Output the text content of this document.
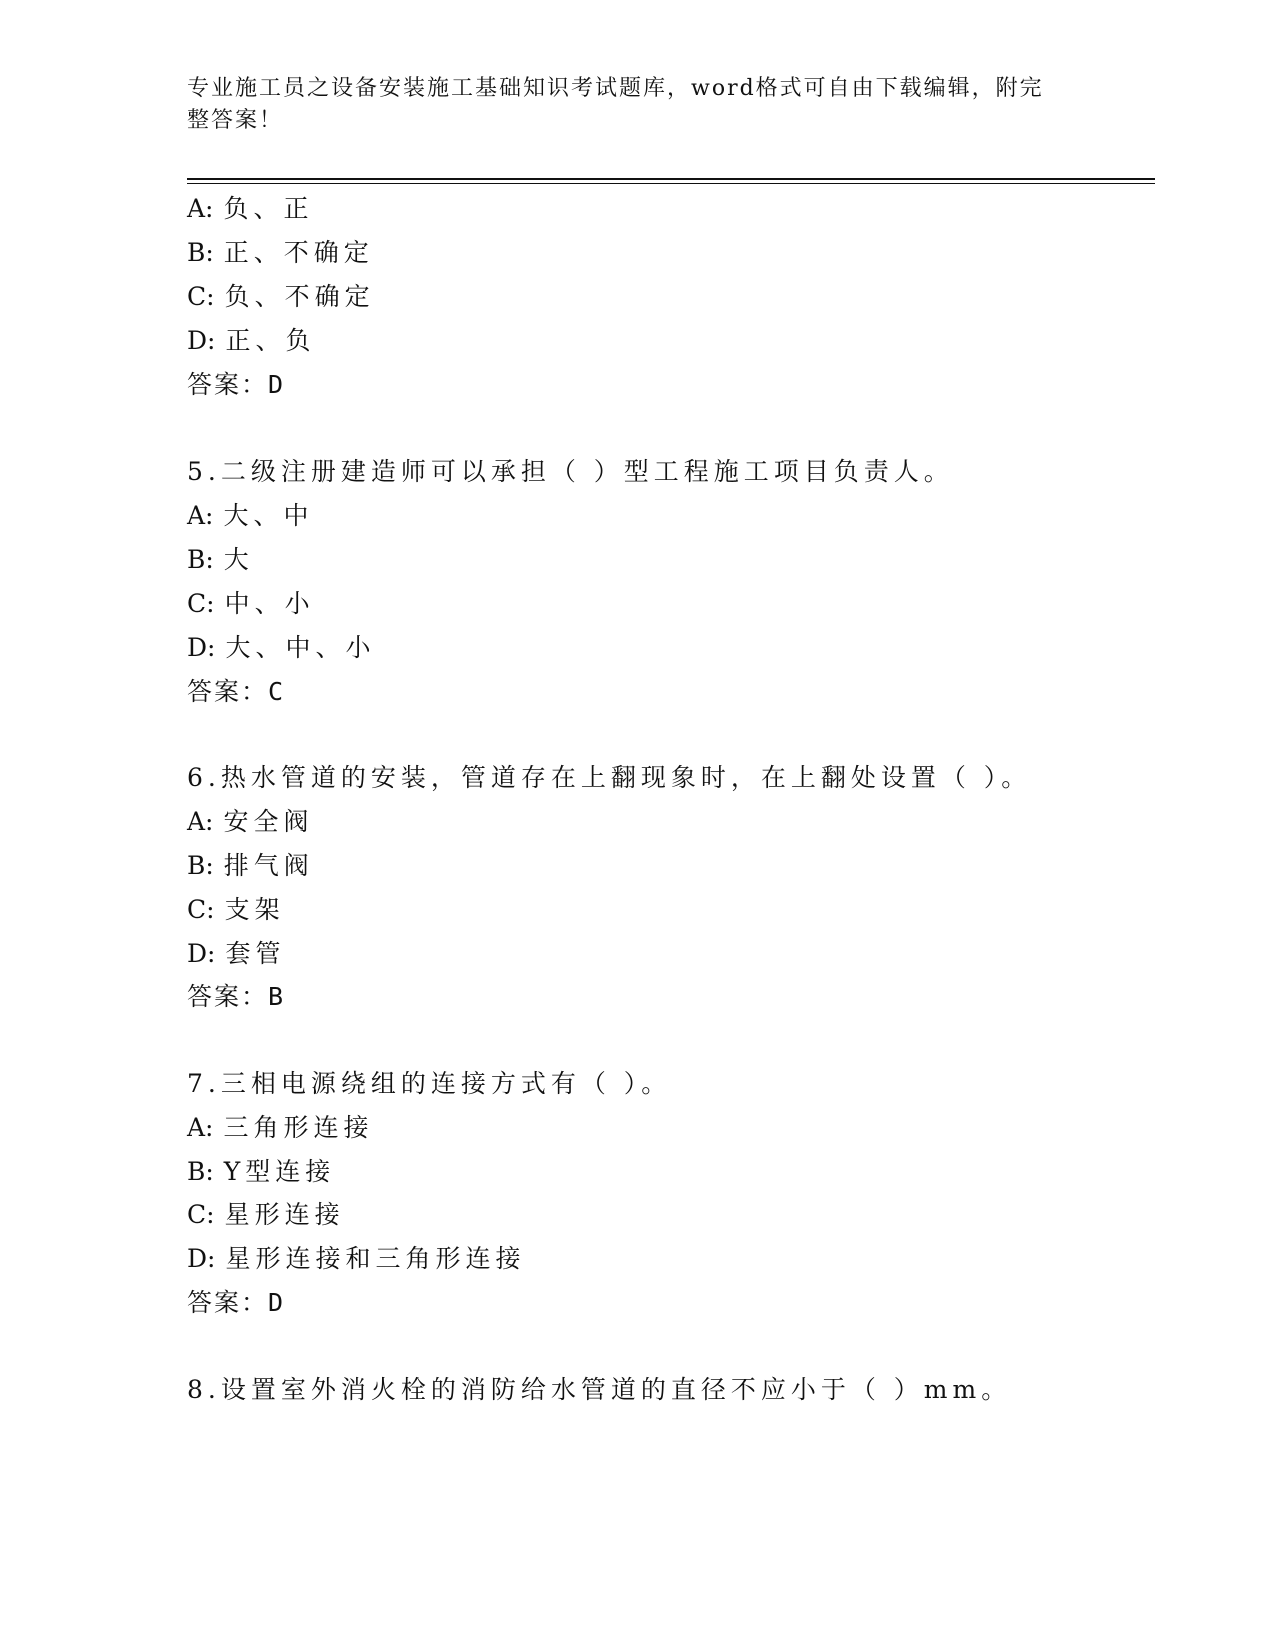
专业施工员之设备安装施工基础知识考试题库，word格式可自由下载编辑，附完整答案！
A: 负、正
B: 正、不确定
C: 负、不确定
D: 正、负
答案：D
5.二级注册建造师可以承担（ ）型工程施工项目负责人。
A: 大、中
B: 大
C: 中、小
D: 大、中、小
答案：C
6.热水管道的安装，管道存在上翻现象时，在上翻处设置（ ）。
A: 安全阀
B: 排气阀
C: 支架
D: 套管
答案：B
7.三相电源绕组的连接方式有（ ）。
A: 三角形连接
B: Y型连接
C: 星形连接
D: 星形连接和三角形连接
答案：D
8.设置室外消火栓的消防给水管道的直径不应小于（ ）mm。
